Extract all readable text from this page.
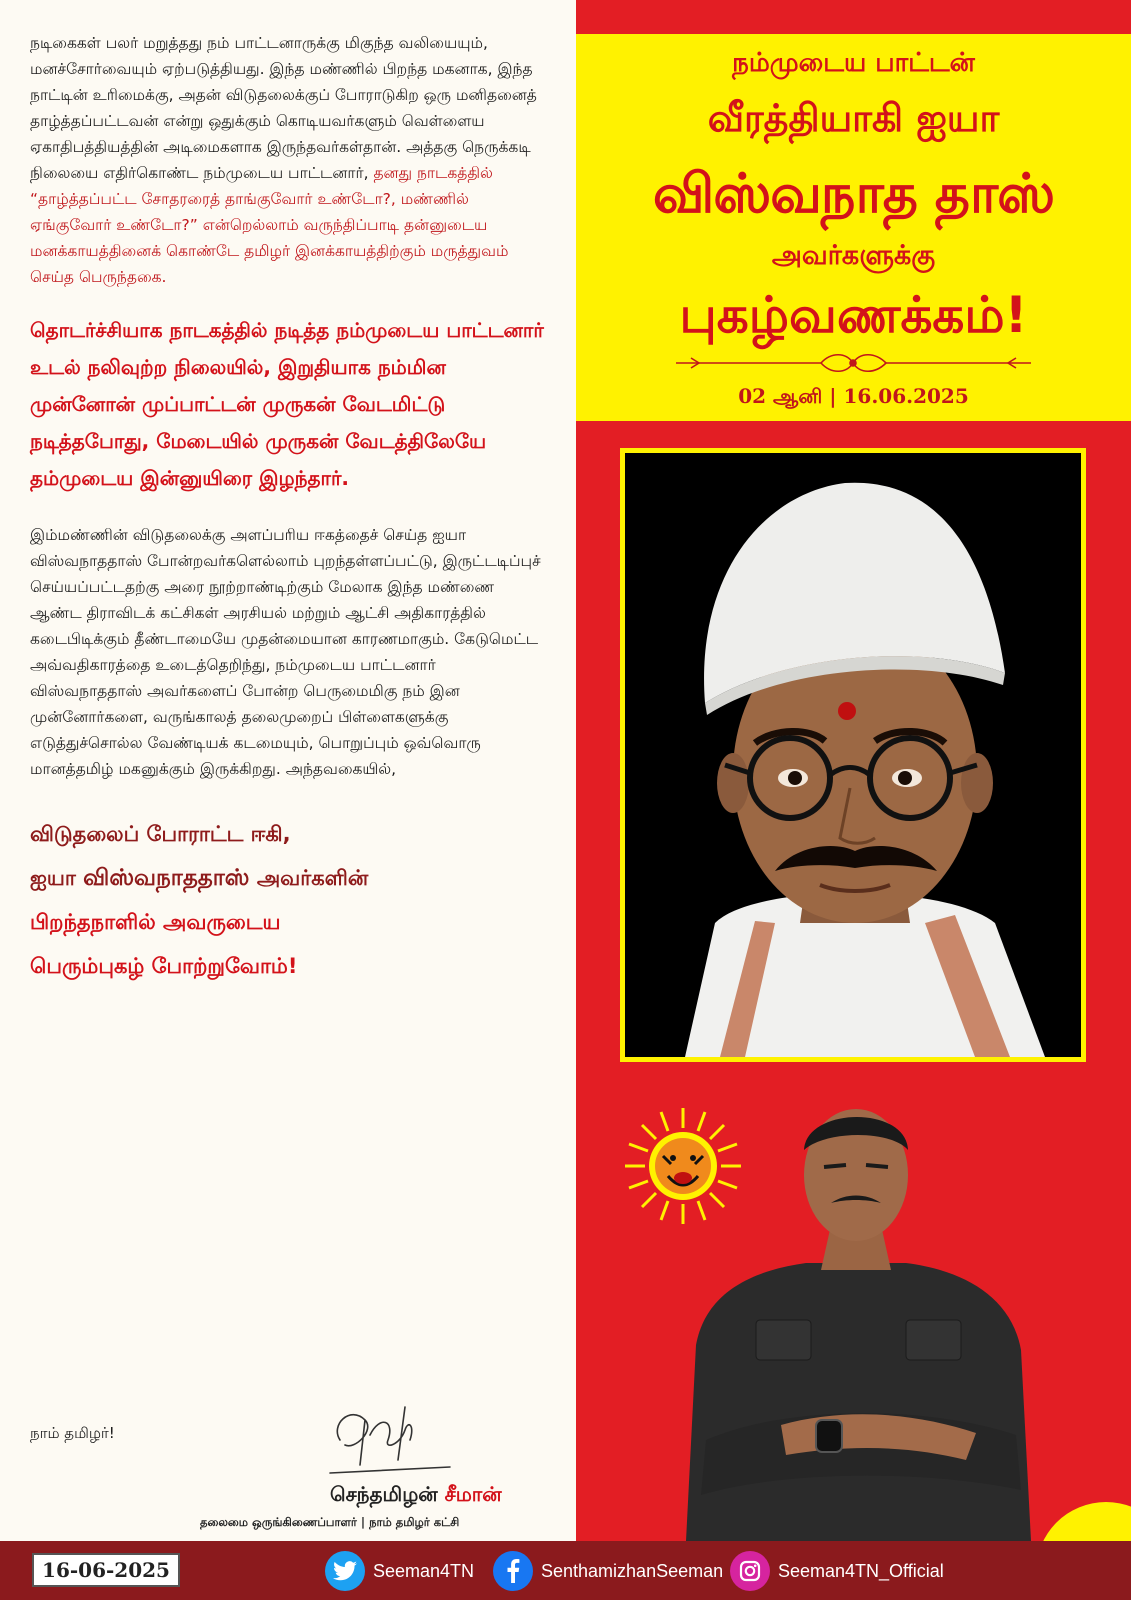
நடிகைகள் பலர் மறுத்தது நம் பாட்டனாருக்கு மிகுந்த வலியையும், மனச்சோர்வையும் ஏற்படுத்தியது. இந்த மண்ணில் பிறந்த மகனாக, இந்த நாட்டின் உரிமைக்கு, அதன் விடுதலைக்குப் போராடுகிற ஒரு மனிதனைத் தாழ்த்தப்பட்டவன் என்று ஒதுக்கும் கொடியவர்களும் வெள்ளைய ஏகாதிபத்தியத்தின் அடிமைகளாக இருந்தவர்கள்தான். அத்தகு நெருக்கடி நிலையை எதிர்கொண்ட நம்முடைய பாட்டனார், தனது நாடகத்தில் “தாழ்த்தப்பட்ட சோதரரைத் தாங்குவோர் உண்டோ?, மண்ணில் ஏங்குவோர் உண்டோ?” என்றெல்லாம் வருந்திப்பாடி தன்னுடைய மனக்காயத்தினைக் கொண்டே தமிழர் இனக்காயத்திற்கும் மருத்துவம் செய்த பெருந்தகை.

தொடர்ச்சியாக நாடகத்தில் நடித்த நம்முடைய பாட்டனார் உடல் நலிவுற்ற நிலையில், இறுதியாக நம்மின முன்னோன் முப்பாட்டன் முருகன் வேடமிட்டு நடித்தபோது, மேடையில் முருகன் வேடத்திலேயே தம்முடைய இன்னுயிரை இழந்தார்.

இம்மண்ணின் விடுதலைக்கு அளப்பரிய ஈகத்தைச் செய்த ஐயா விஸ்வநாததாஸ் போன்றவர்களெல்லாம் புறந்தள்ளப்பட்டு, இருட்டடிப்புச் செய்யப்பட்டதற்கு அரை நூற்றாண்டிற்கும் மேலாக இந்த மண்ணை ஆண்ட திராவிடக் கட்சிகள் அரசியல் மற்றும் ஆட்சி அதிகாரத்தில் கடைபிடிக்கும் தீண்டாமையே முதன்மையான காரணமாகும். கேடுமெட்ட அவ்வதிகாரத்தை உடைத்தெறிந்து, நம்முடைய பாட்டனார் விஸ்வநாததாஸ் அவர்களைப் போன்ற பெருமைமிகு நம் இன முன்னோர்களை, வருங்காலத் தலைமுறைப் பிள்ளைகளுக்கு எடுத்துச்சொல்ல வேண்டியக் கடமையும், பொறுப்பும் ஒவ்வொரு மானத்தமிழ் மகனுக்கும் இருக்கிறது. அந்தவகையில்,

விடுதலைப் போராட்ட ஈகி,
ஐயா விஸ்வநாததாஸ் அவர்களின்
பிறந்தநாளில் அவருடைய
பெரும்புகழ் போற்றுவோம்!
நாம் தமிழர்!
செந்தமிழன் சீமான்
தலைமை ஒருங்கிணைப்பாளர் | நாம் தமிழர் கட்சி
நம்முடைய பாட்டன்
வீரத்தியாகி ஐயா
விஸ்வநாத தாஸ்
அவர்களுக்கு
புகழ்வணக்கம்!
02 ஆனி | 16.06.2025
16-06-2025	Seeman4TN	SenthamizhanSeeman	Seeman4TN_Official
